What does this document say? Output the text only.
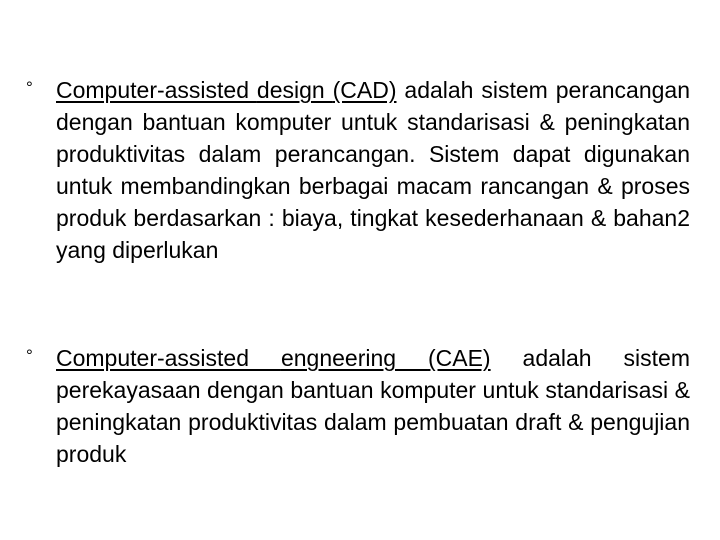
° Computer-assisted design (CAD) adalah sistem perancangan dengan bantuan komputer untuk standarisasi & peningkatan produktivitas dalam perancangan. Sistem dapat digunakan untuk membandingkan berbagai macam rancangan & proses produk berdasarkan : biaya, tingkat kesederhanaan & bahan2 yang diperlukan
° Computer-assisted engneering (CAE) adalah sistem perekayasaan dengan bantuan komputer untuk standarisasi & peningkatan produktivitas dalam pembuatan draft & pengujian produk
